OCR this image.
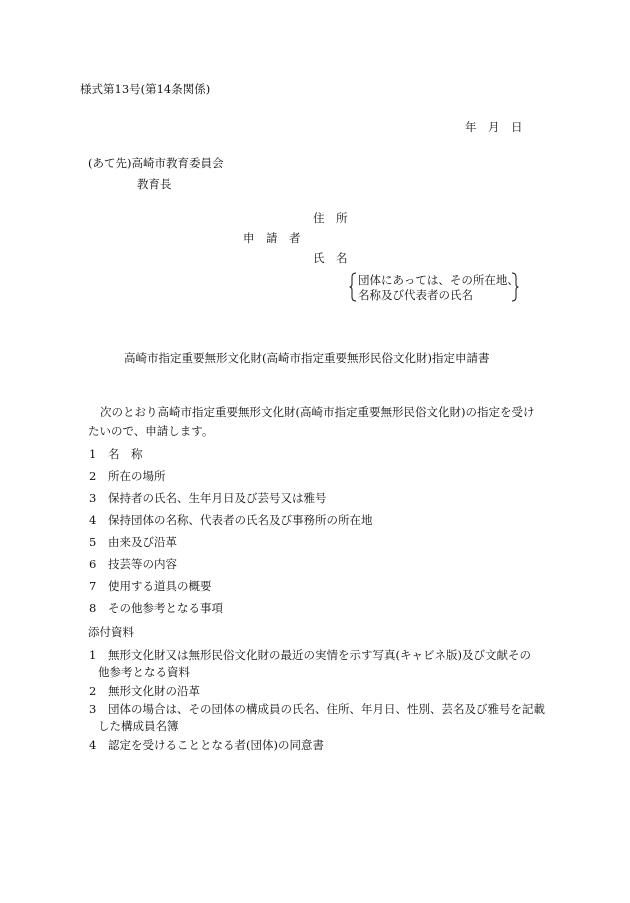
様式第13号(第14条関係)
年　月　日
(あて先)高崎市教育委員会
教育長
住　所
申　請　者
氏　名
団体にあっては、その所在地、
名称及び代表者の氏名
高崎市指定重要無形文化財(高崎市指定重要無形民俗文化財)指定申請書
次のとおり高崎市指定重要無形文化財(高崎市指定重要無形民俗文化財)の指定を受け
たいので、申請します。
1 名　称
2 所在の場所
3 保持者の氏名、生年月日及び芸号又は雅号
4 保持団体の名称、代表者の氏名及び事務所の所在地
5 由来及び沿革
6 技芸等の内容
7 使用する道具の概要
8 その他参考となる事項
添付資料
1 無形文化財又は無形民俗文化財の最近の実情を示す写真(キャビネ版)及び文献その
他参考となる資料
2 無形文化財の沿革
3 団体の場合は、その団体の構成員の氏名、住所、年月日、性別、芸名及び雅号を記載
した構成員名簿
4 認定を受けることとなる者(団体)の同意書
